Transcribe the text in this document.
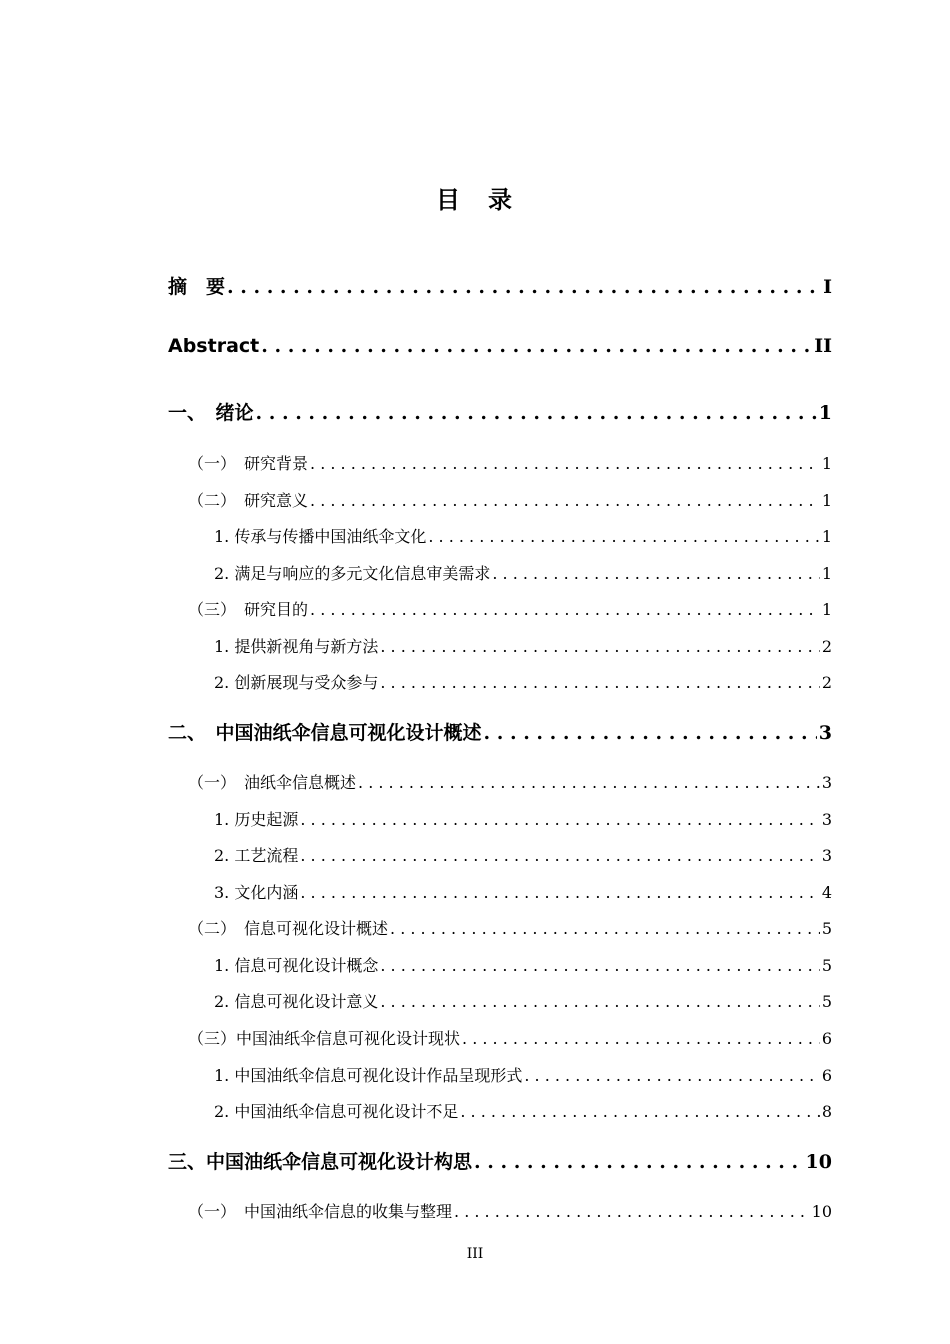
目　录
摘　要 . . .	I
Abstract . . .	II
一、　绪论 . . .	1
（一）　研究背景 . . .	1
（二）　研究意义 . . .	1
1. 传承与传播中国油纸伞文化 . . .	1
2. 满足与响应的多元文化信息审美需求 . . .	1
（三）　研究目的 . . .	1
1. 提供新视角与新方法 . . .	2
2. 创新展现与受众参与 . . .	2
二、　中国油纸伞信息可视化设计概述 . . .	3
（一）　油纸伞信息概述 . . .	3
1. 历史起源 . . .	3
2. 工艺流程 . . .	3
3. 文化内涵 . . .	4
（二）　信息可视化设计概述 . . .	5
1. 信息可视化设计概念 . . .	5
2. 信息可视化设计意义 . . .	5
（三）中国油纸伞信息可视化设计现状 . . .	6
1. 中国油纸伞信息可视化设计作品呈现形式 . . .	6
2. 中国油纸伞信息可视化设计不足 . . .	8
三、中国油纸伞信息可视化设计构思 . . .	10
（一）　中国油纸伞信息的收集与整理 . . .	10
III
